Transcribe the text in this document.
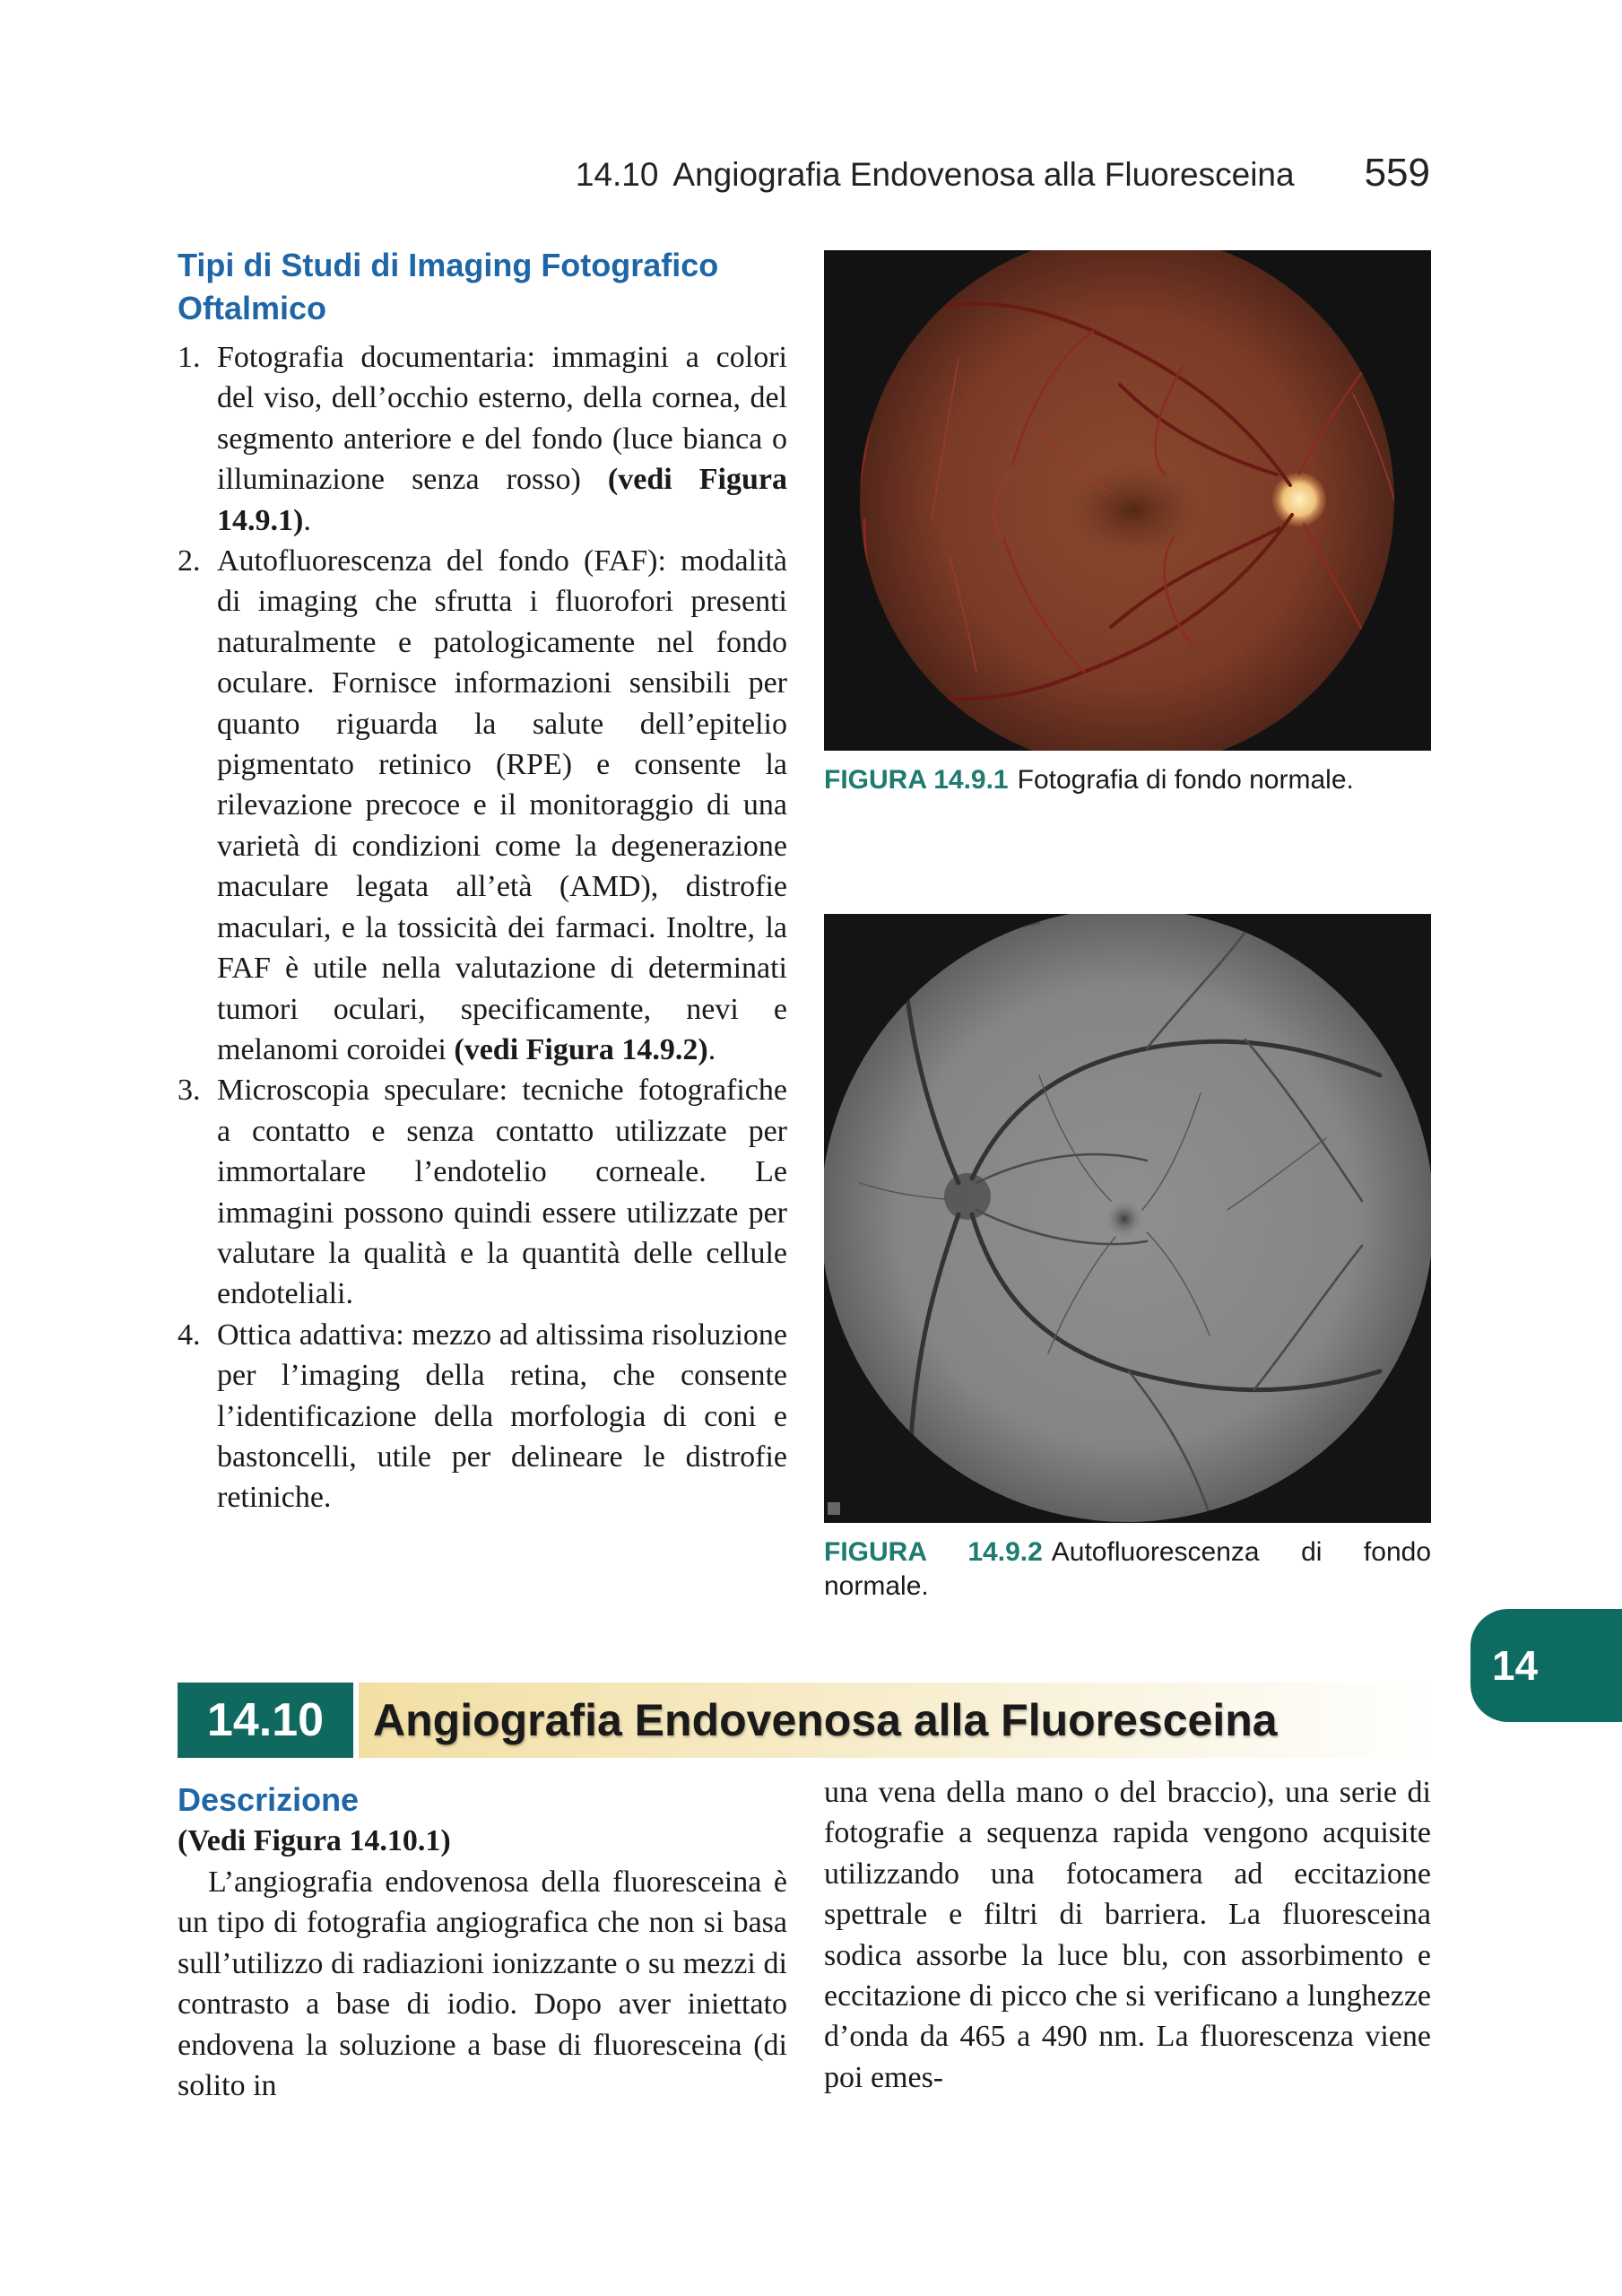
14.10 Angiografia Endovenosa alla Fluoresceina 559
Tipi di Studi di Imaging Fotografico Oftalmico
1. Fotografia documentaria: immagini a colori del viso, dell’occhio esterno, della cornea, del segmento anteriore e del fondo (luce bianca o illuminazione senza rosso) (vedi Figura 14.9.1).
2. Autofluorescenza del fondo (FAF): modalità di imaging che sfrutta i fluorofori presenti naturalmente e patologicamente nel fondo oculare. Fornisce informazioni sensibili per quanto riguarda la salute dell’epitelio pigmentato retinico (RPE) e consente la rilevazione precoce e il monitoraggio di una varietà di condizioni come la degenerazione maculare legata all’età (AMD), distrofie maculari, e la tossicità dei farmaci. Inoltre, la FAF è utile nella valutazione di determinati tumori oculari, specificamente, nevi e melanomi coroidei (vedi Figura 14.9.2).
3. Microscopia speculare: tecniche fotografiche a contatto e senza contatto utilizzate per immortalare l’endotelio corneale. Le immagini possono quindi essere utilizzate per valutare la qualità e la quantità delle cellule endoteliali.
4. Ottica adattiva: mezzo ad altissima risoluzione per l’imaging della retina, che consente l’identificazione della morfologia di coni e bastoncelli, utile per delineare le distrofie retiniche.
FIGURA 14.9.1 Fotografia di fondo normale.
FIGURA 14.9.2 Autofluorescenza di fondo normale.
14
14.10	Angiografia Endovenosa alla Fluoresceina
Descrizione

(Vedi Figura 14.10.1)

L’angiografia endovenosa della fluoresceina è un tipo di fotografia angiografica che non si basa sull’utilizzo di radiazioni ionizzante o su mezzi di contrasto a base di iodio. Dopo aver iniettato endovena la soluzione a base di fluoresceina (di solito in

una vena della mano o del braccio), una serie di fotografie a sequenza rapida vengono acquisite utilizzando una fotocamera ad eccitazione spettrale e filtri di barriera. La fluoresceina sodica assorbe la luce blu, con assorbimento e eccitazione di picco che si verificano a lunghezze d’onda da 465 a 490 nm. La fluorescenza viene poi emes-
